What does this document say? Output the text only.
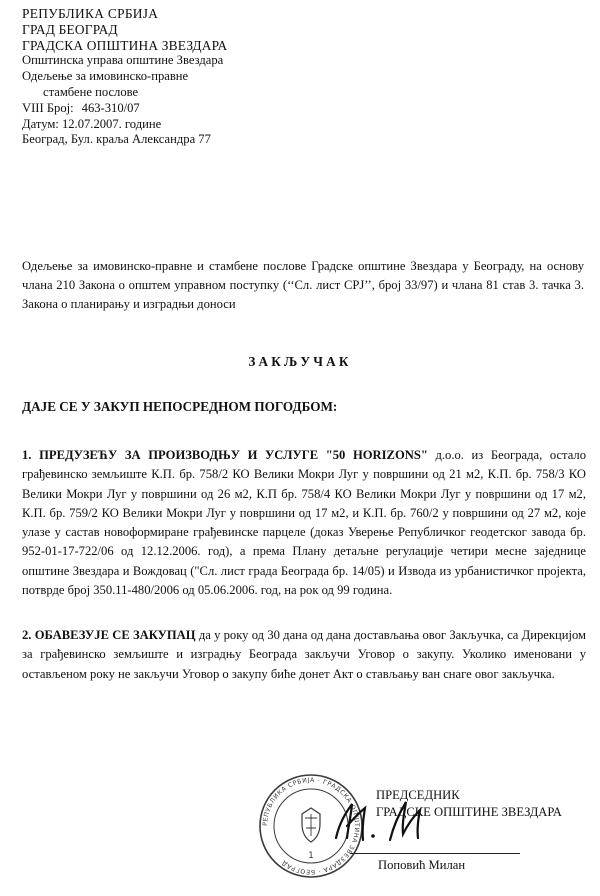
РЕПУБЛИКА СРБИЈА
ГРАД БЕОГРАД
ГРАДСКА ОПШТИНА ЗВЕЗДАРА
Општинска управа општине Звездара
Одељење за имовинско-правне
стамбене послове
VIII Број: 463-310/07
Датум: 12.07.2007. године
Београд, Бул. краља Александра 77
Одељење за имовинско-правне и стамбене послове Градске општине Звездара у Београду, на основу члана 210 Закона о општем управном поступку (‘‘Сл. лист СРЈ’’, број 33/97) и члана 81 став 3. тачка 3. Закона о планирању и изградњи доноси
ЗАКЉУЧАК
ДАЈЕ СЕ У ЗАКУП НЕПОСРЕДНОМ ПОГОДБОМ:
1. ПРЕДУЗЕЋУ ЗА ПРОИЗВОДЊУ И УСЛУГЕ "50 HORIZONS" д.о.о. из Београда, остало грађевинско земљиште К.П. бр. 758/2 КО Велики Мокри Луг у површини од 21 м2, К.П. бр. 758/3 КО Велики Мокри Луг у површини од 26 м2, К.П бр. 758/4 КО Велики Мокри Луг у површини од 17 м2, К.П. бр. 759/2 КО Велики Мокри Луг у површини од 17 м2, и К.П. бр. 760/2 у површини од 27 м2, које улазе у састав новоформиране грађевинске парцеле (доказ Уверење Републичког геодетског завода бр. 952-01-17-722/06 од 12.12.2006. год), а према Плану детаљне регулације четири месне заједнице општине Звездара и Вождовац ("Сл. лист града Београда бр. 14/05) и Извода из урбанистичког пројекта, потврде број 350.11-480/2006 од 05.06.2006. год, на рок од 99 година.
2. ОБАВЕЗУЈЕ СЕ ЗАКУПАЦ да у року од 30 дана од дана достављања овог Закључка, са Дирекцијом за грађевинско земљиште и изградњу Београда закључи Уговор о закупу. Уколико именовани у остављеном року не закључи Уговор о закупу биће донет Акт о стављању ван снаге овог закључка.
РЕПУБЛИКА СРБИЈА · ГРАДСКА ОПШТИНА ЗВЕЗДАРА · БЕОГРАД
1
ПРЕДСЕДНИК
ГРАДСКЕ ОПШТИНЕ ЗВЕЗДАРА
Поповић Милан
